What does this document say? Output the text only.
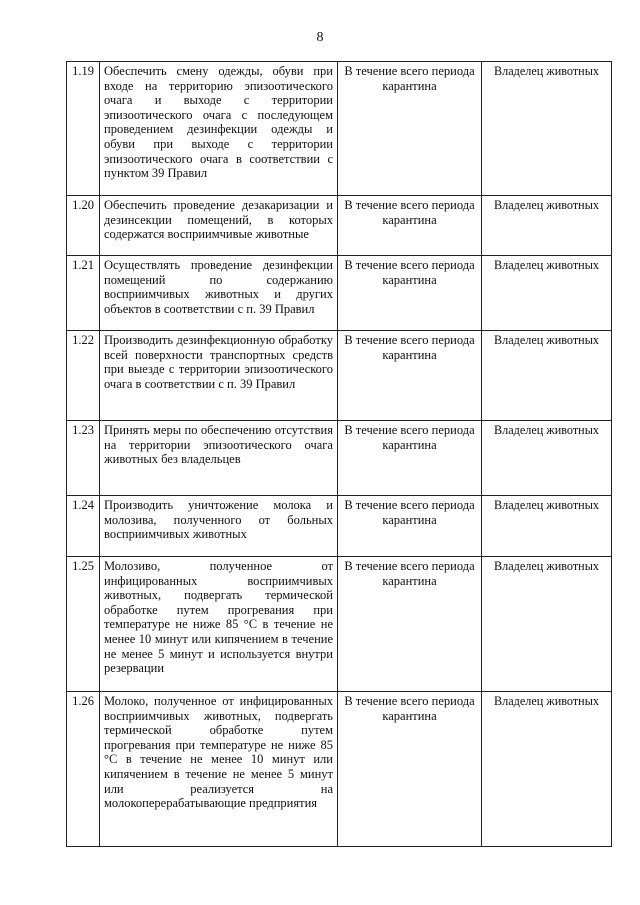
8
1.19	Обеспечить смену одежды, обуви при входе на территорию эпизоотического очага и выходе с территории эпизоотического очага с последующем проведением дезинфекции одежды и обуви при выходе с территории эпизоотического очага в соответствии с пунктом 39 Правил	В течение всего периода карантина	Владелец животных
1.20	Обеспечить проведение дезакаризации и дезинсекции помещений, в которых содержатся восприимчивые животные	В течение всего периода карантина	Владелец животных
1.21	Осуществлять проведение дезинфекции помещений по содержанию восприимчивых животных и других объектов в соответствии с п. 39 Правил	В течение всего периода карантина	Владелец животных
1.22	Производить дезинфекционную обработку всей поверхности транспортных средств при выезде с территории эпизоотического очага в соответствии с п. 39 Правил	В течение всего периода карантина	Владелец животных
1.23	Принять меры по обеспечению отсутствия на территории эпизоотического очага животных без владельцев	В течение всего периода карантина	Владелец животных
1.24	Производить уничтожение молока и молозива, полученного от больных восприимчивых животных	В течение всего периода карантина	Владелец животных
1.25	Молозиво, полученное от инфицированных восприимчивых животных, подвергать термической обработке путем прогревания при температуре не ниже 85 °С в течение не менее 10 минут или кипячением в течение не менее 5 минут и используется внутри резервации	В течение всего периода карантина	Владелец животных
1.26	Молоко, полученное от инфицированных восприимчивых животных, подвергать термической обработке путем прогревания при температуре не ниже 85 °С в течение не менее 10 минут или кипячением в течение не менее 5 минут или реализуется на молокоперерабатывающие предприятия	В течение всего периода карантина	Владелец животных
